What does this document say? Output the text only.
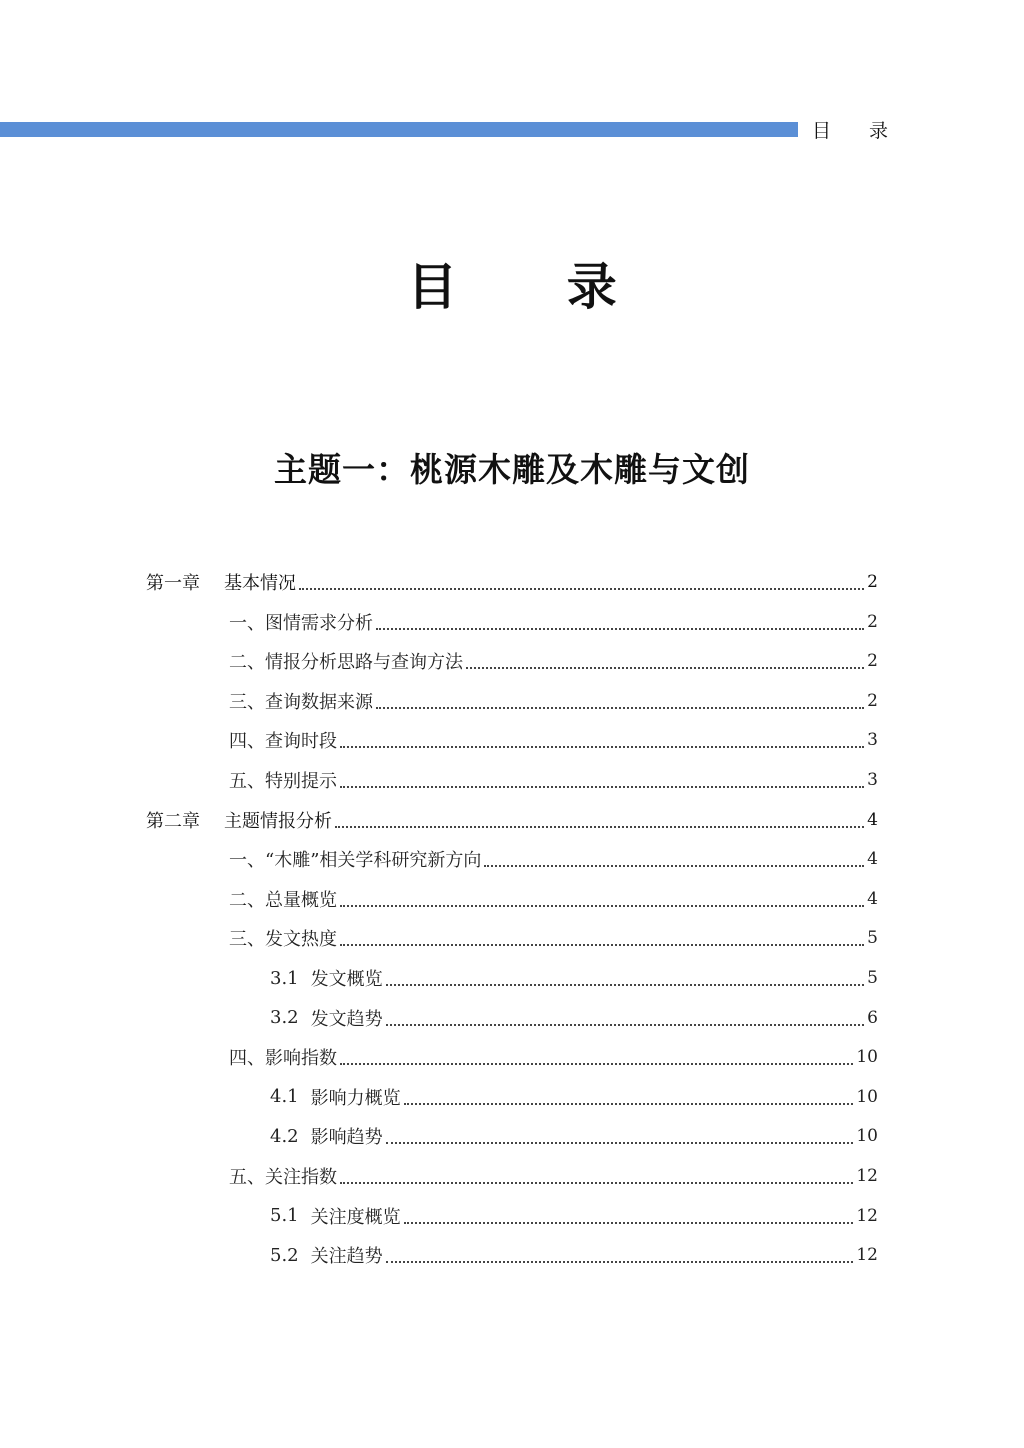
目 录
目 录
主题一：桃源木雕及木雕与文创
第一章 基本情况	2
一、图情需求分析	2
二、情报分析思路与查询方法	2
三、查询数据来源	2
四、查询时段	3
五、特别提示	3
第二章 主题情报分析	4
一、“木雕”相关学科研究新方向	4
二、总量概览	4
三、发文热度	5
3.1 发文概览	5
3.2 发文趋势	6
四、影响指数	10
4.1 影响力概览	10
4.2 影响趋势	10
五、关注指数	12
5.1 关注度概览	12
5.2 关注趋势	12
